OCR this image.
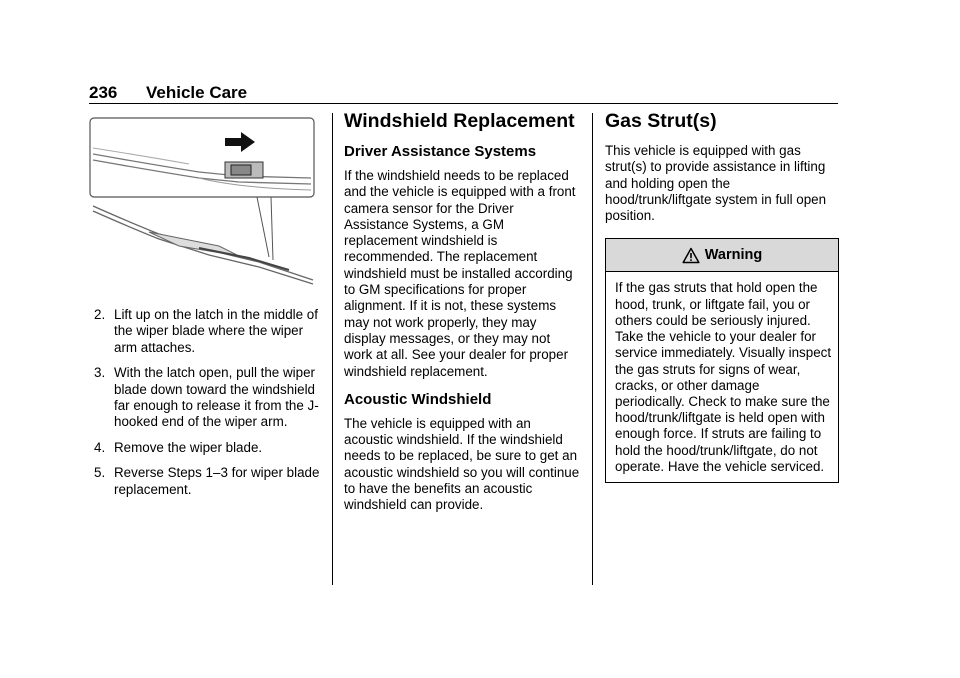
236 Vehicle Care
2. Lift up on the latch in the middle of the wiper blade where the wiper arm attaches.
3. With the latch open, pull the wiper blade down toward the windshield far enough to release it from the J-hooked end of the wiper arm.
4. Remove the wiper blade.
5. Reverse Steps 1–3 for wiper blade replacement.
Windshield Replacement
Driver Assistance Systems

If the windshield needs to be replaced and the vehicle is equipped with a front camera sensor for the Driver Assistance Systems, a GM replacement windshield is recommended. The replacement windshield must be installed according to GM specifications for proper alignment. If it is not, these systems may not work properly, they may display messages, or they may not work at all. See your dealer for proper windshield replacement.

Acoustic Windshield

The vehicle is equipped with an acoustic windshield. If the windshield needs to be replaced, be sure to get an acoustic windshield so you will continue to have the benefits an acoustic windshield can provide.

Gas Strut(s)

This vehicle is equipped with gas strut(s) to provide assistance in lifting and holding open the hood/trunk/liftgate system in full open position.

Warning
If the gas struts that hold open the hood, trunk, or liftgate fail, you or others could be seriously injured. Take the vehicle to your dealer for service immediately. Visually inspect the gas struts for signs of wear, cracks, or other damage periodically. Check to make sure the hood/trunk/liftgate is held open with enough force. If struts are failing to hold the hood/trunk/liftgate, do not operate. Have the vehicle serviced.
